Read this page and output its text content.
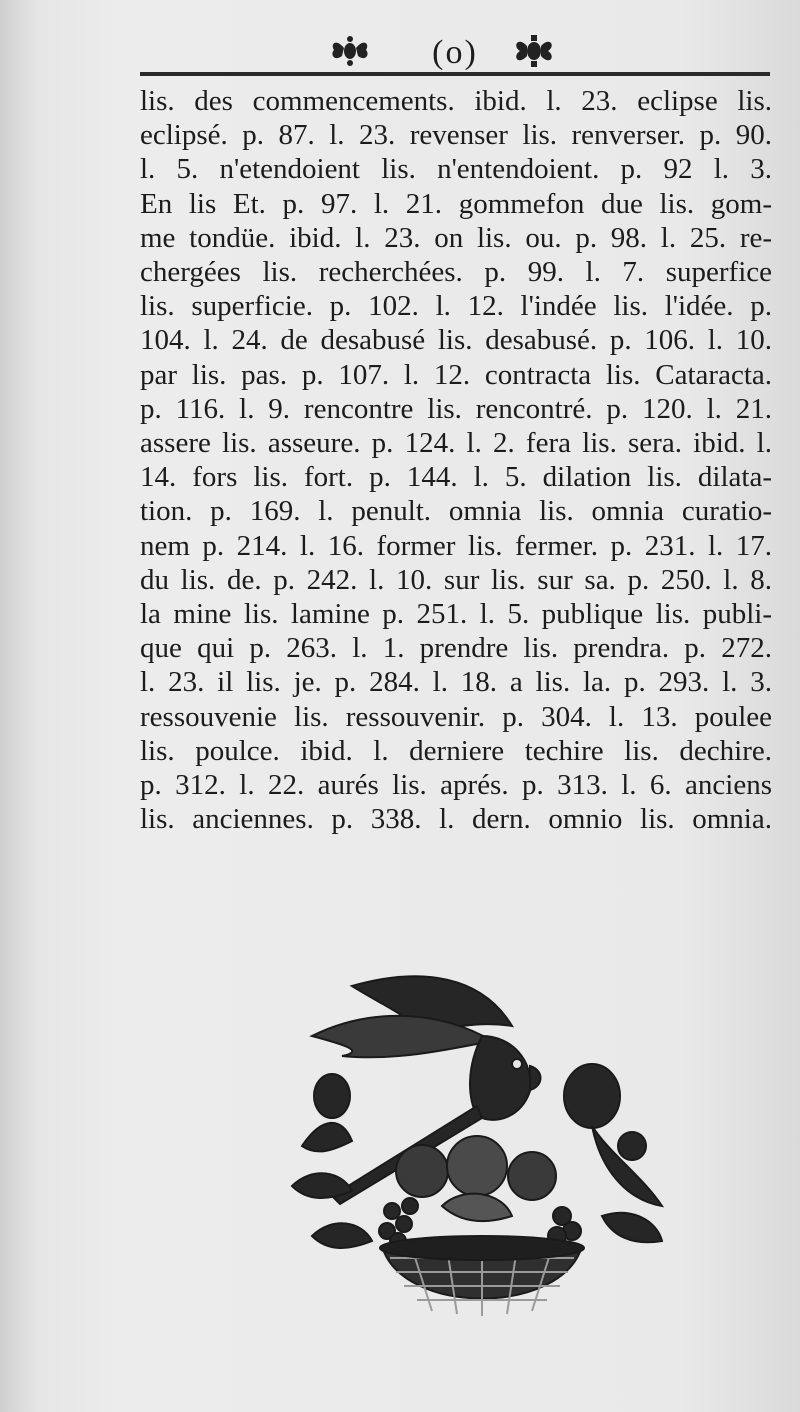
(o)
lis. des commencements. ibid. l. 23. eclipse lis.
eclipsé. p. 87. l. 23. revenser lis. renverser. p. 90.
l. 5. n'etendoient lis. n'entendoient. p. 92 l. 3.
En lis Et. p. 97. l. 21. gommefon due lis. gom-
me tondüe. ibid. l. 23. on lis. ou. p. 98. l. 25. re-
chergées lis. recherchées. p. 99. l. 7. superfice
lis. superficie. p. 102. l. 12. l'indée lis. l'idée. p.
104. l. 24. de desabusé lis. desabusé. p. 106. l. 10.
par lis. pas. p. 107. l. 12. contracta lis. Cataracta.
p. 116. l. 9. rencontre lis. rencontré. p. 120. l. 21.
assere lis. asseure. p. 124. l. 2. fera lis. sera. ibid. l.
14. fors lis. fort. p. 144. l. 5. dilation lis. dilata-
tion. p. 169. l. penult. omnia lis. omnia curatio-
nem p. 214. l. 16. former lis. fermer. p. 231. l. 17.
du lis. de. p. 242. l. 10. sur lis. sur sa. p. 250. l. 8.
la mine lis. lamine p. 251. l. 5. publique lis. publi-
que qui p. 263. l. 1. prendre lis. prendra. p. 272.
l. 23. il lis. je. p. 284. l. 18. a lis. la. p. 293. l. 3.
ressouvenie lis. ressouvenir. p. 304. l. 13. poulee
lis. poulce. ibid. l. derniere techire lis. dechire.
p. 312. l. 22. aurés lis. aprés. p. 313. l. 6. anciens
lis. anciennes. p. 338. l. dern. omnio lis. omnia.
